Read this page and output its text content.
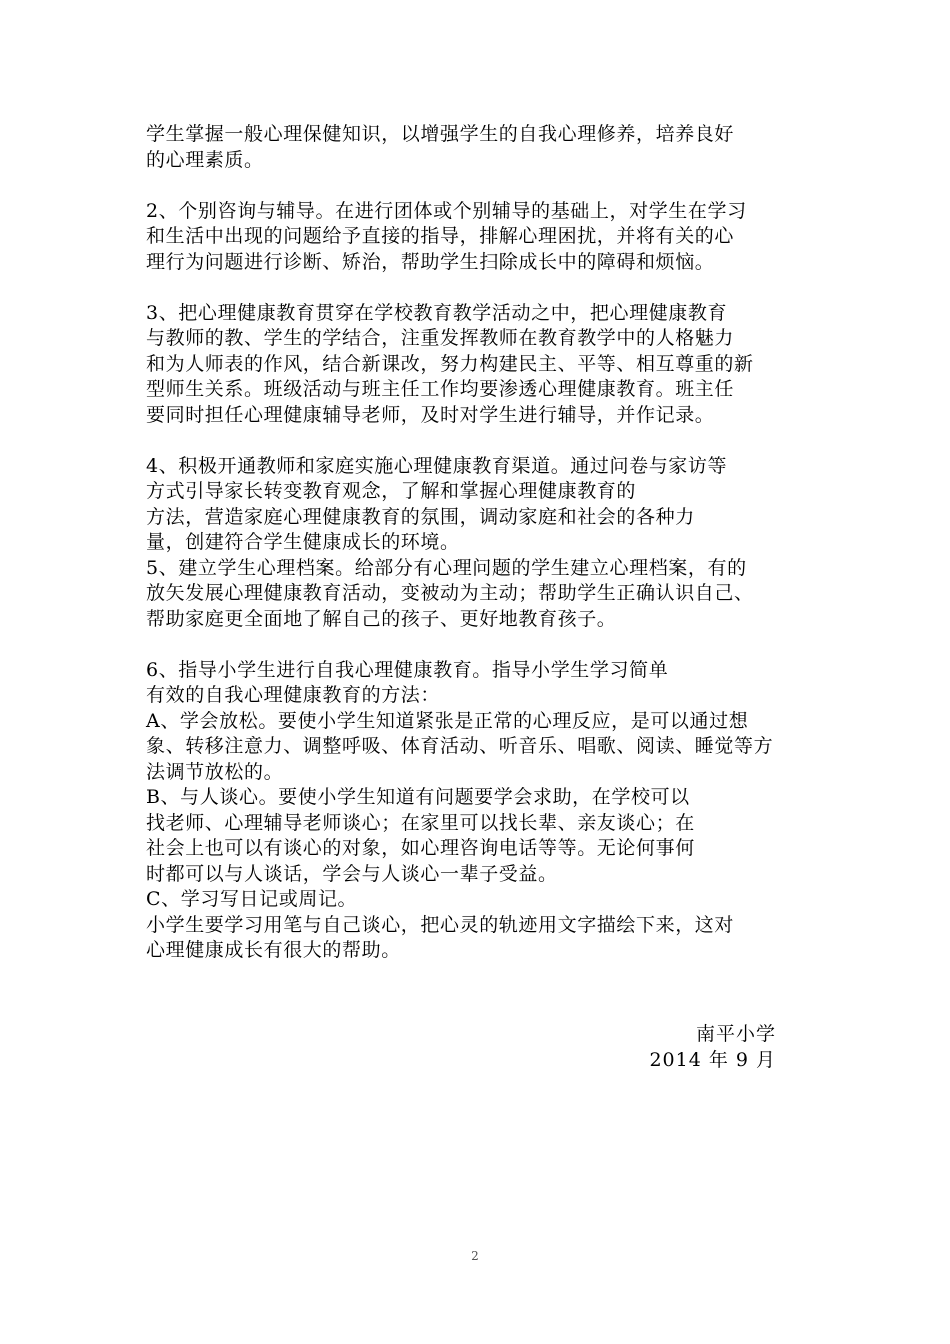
学生掌握一般心理保健知识，以增强学生的自我心理修养，培养良好
的心理素质。
2、个别咨询与辅导。在进行团体或个别辅导的基础上，对学生在学习
和生活中出现的问题给予直接的指导，排解心理困扰，并将有关的心
理行为问题进行诊断、矫治，帮助学生扫除成长中的障碍和烦恼。
3、把心理健康教育贯穿在学校教育教学活动之中，把心理健康教育
与教师的教、学生的学结合，注重发挥教师在教育教学中的人格魅力
和为人师表的作风，结合新课改，努力构建民主、平等、相互尊重的新
型师生关系。班级活动与班主任工作均要渗透心理健康教育。班主任
要同时担任心理健康辅导老师，及时对学生进行辅导，并作记录。
4、积极开通教师和家庭实施心理健康教育渠道。通过问卷与家访等
方式引导家长转变教育观念，了解和掌握心理健康教育的
方法，营造家庭心理健康教育的氛围，调动家庭和社会的各种力
量，创建符合学生健康成长的环境。
5、建立学生心理档案。给部分有心理问题的学生建立心理档案，有的
放矢发展心理健康教育活动，变被动为主动；帮助学生正确认识自己、
帮助家庭更全面地了解自己的孩子、更好地教育孩子。
6、指导小学生进行自我心理健康教育。指导小学生学习简单
有效的自我心理健康教育的方法：
A、学会放松。要使小学生知道紧张是正常的心理反应，是可以通过想
象、转移注意力、调整呼吸、体育活动、听音乐、唱歌、阅读、睡觉等方
法调节放松的。
B、与人谈心。要使小学生知道有问题要学会求助，在学校可以
找老师、心理辅导老师谈心；在家里可以找长辈、亲友谈心；在
社会上也可以有谈心的对象，如心理咨询电话等等。无论何事何
时都可以与人谈话，学会与人谈心一辈子受益。
C、学习写日记或周记。
小学生要学习用笔与自己谈心，把心灵的轨迹用文字描绘下来，这对
心理健康成长有很大的帮助。
南平小学
2014 年 9 月
2
